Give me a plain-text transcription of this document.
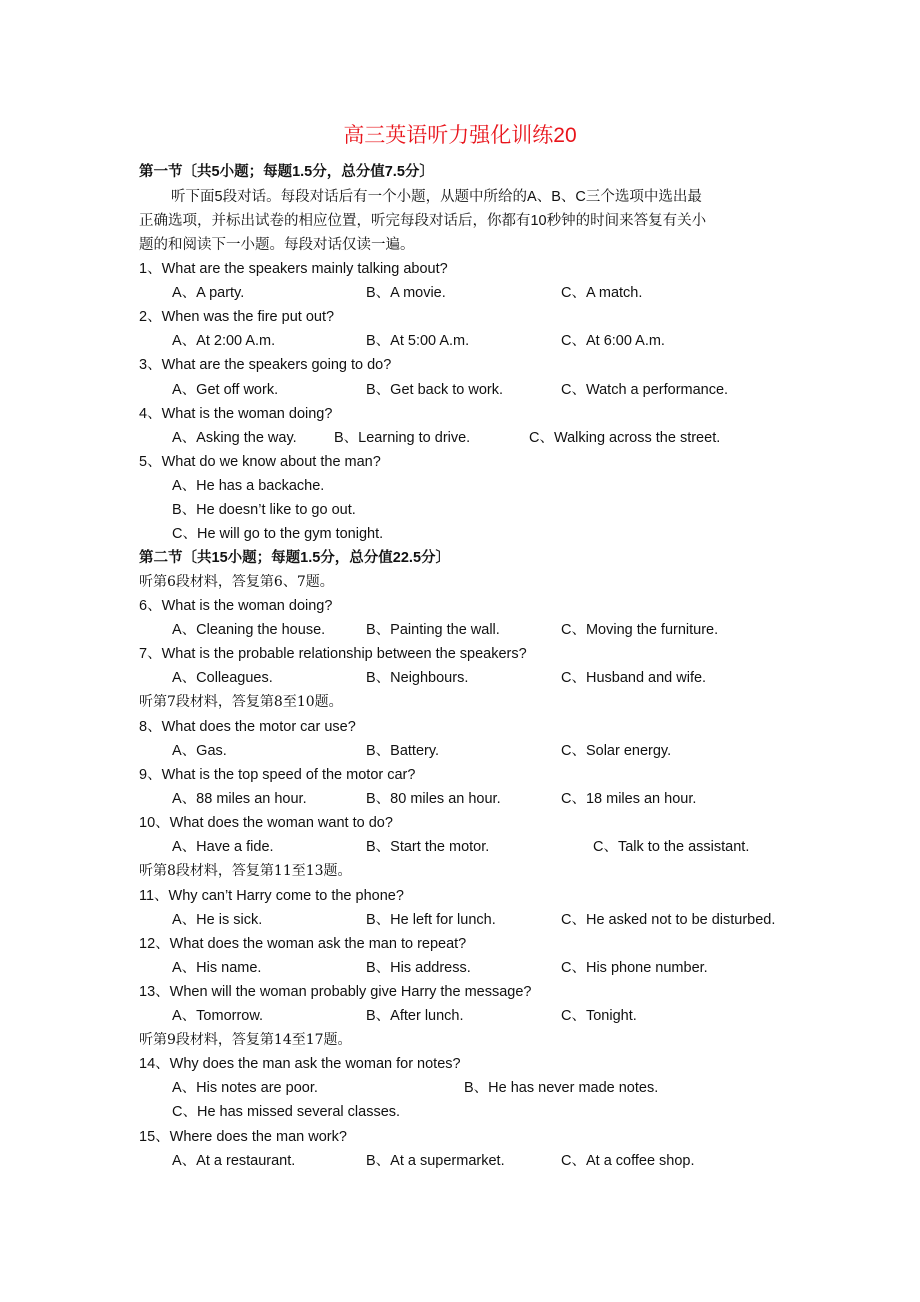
高三英语听力强化训练20
第一节〔共5小题；每题1.5分，总分值7.5分〕
听下面5段对话。每段对话后有一个小题，从题中所给的A、B、C三个选项中选出最
正确选项，并标出试卷的相应位置，听完每段对话后，你都有10秒钟的时间来答复有关小
题的和阅读下一小题。每段对话仅读一遍。
1、What are the speakers mainly talking about?
A、A party.	B、A movie.	C、A match.
2、When was the fire put out?
A、At 2:00 A.m.	B、At 5:00 A.m.	C、At 6:00 A.m.
3、What are the speakers going to do?
A、Get off work.	B、Get back to work.	C、Watch a performance.
4、What is the woman doing?
A、Asking the way.	B、Learning to drive.	C、Walking across the street.
5、What do we know about the man?
A、He has a backache.
B、He doesn’t like to go out.
C、He will go to the gym tonight.
第二节〔共15小题；每题1.5分，总分值22.5分〕
听第6段材料，答复第6、7题。
6、What is the woman doing?
A、Cleaning the house.	B、Painting the wall.	C、Moving the furniture.
7、What is the probable relationship between the speakers?
A、Colleagues.	B、Neighbours.	C、Husband and wife.
听第7段材料，答复第8至10题。
8、What does the motor car use?
A、Gas.	B、Battery.	C、Solar energy.
9、What is the top speed of the motor car?
A、88 miles an hour.	B、80 miles an hour.	C、18 miles an hour.
10、What does the woman want to do?
A、Have a fide.	B、Start the motor.	C、Talk to the assistant.
听第8段材料，答复第11至13题。
11、Why can’t Harry come to the phone?
A、He is sick.	B、He left for lunch.	C、He asked not to be disturbed.
12、What does the woman ask the man to repeat?
A、His name.	B、His address.	C、His phone number.
13、When will the woman probably give Harry the message?
A、Tomorrow.	B、After lunch.	C、Tonight.
听第9段材料，答复第14至17题。
14、Why does the man ask the woman for notes?
A、His notes are poor.	B、He has never made notes.
C、He has missed several classes.
15、Where does the man work?
A、At a restaurant.	B、At a supermarket.	C、At a coffee shop.
